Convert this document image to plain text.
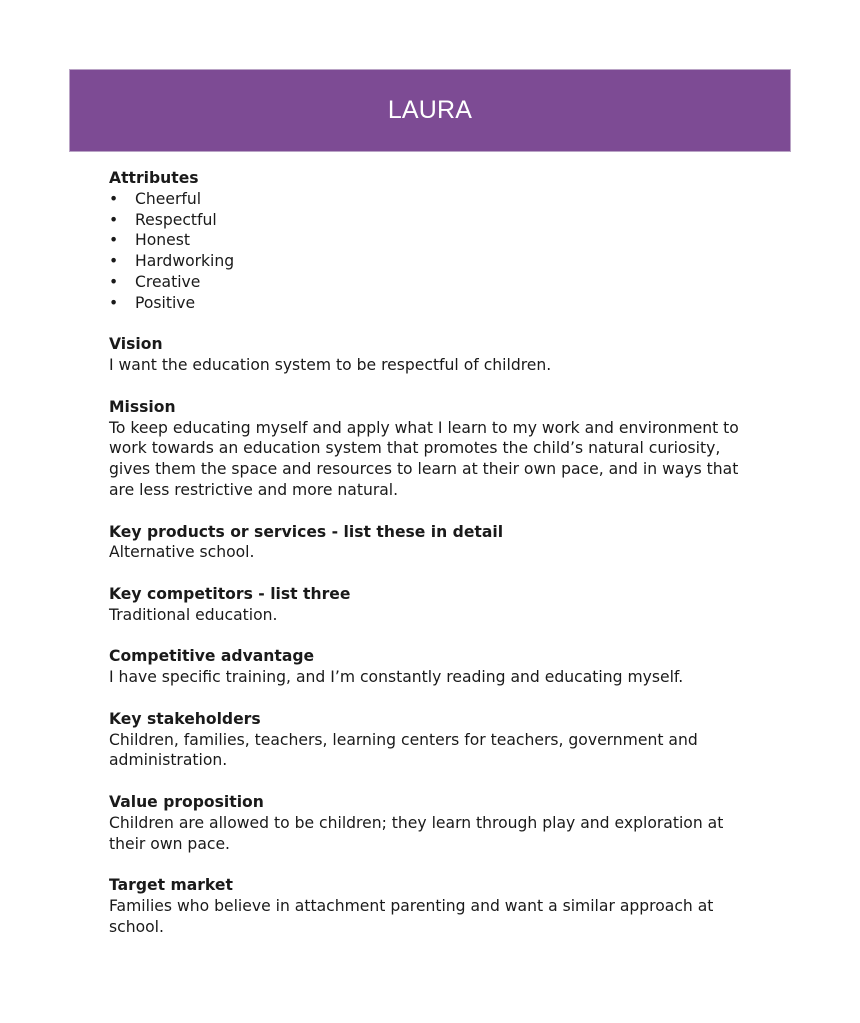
LAURA
Attributes
•	Cheerful
•	Respectful
•	Honest
•	Hardworking
•	Creative
•	Positive
Vision
I want the education system to be respectful of children.
Mission
To keep educating myself and apply what I learn to my work and environment to work towards an education system that promotes the child’s natural curiosity, gives them the space and resources to learn at their own pace, and in ways that are less restrictive and more natural.
Key products or services - list these in detail
Alternative school.
Key competitors - list three
Traditional education.
Competitive advantage
I have specific training, and I’m constantly reading and educating myself.
Key stakeholders
Children, families, teachers, learning centers for teachers, government and administration.
Value proposition
Children are allowed to be children; they learn through play and exploration at their own pace.
Target market
Families who believe in attachment parenting and want a similar approach at school.
